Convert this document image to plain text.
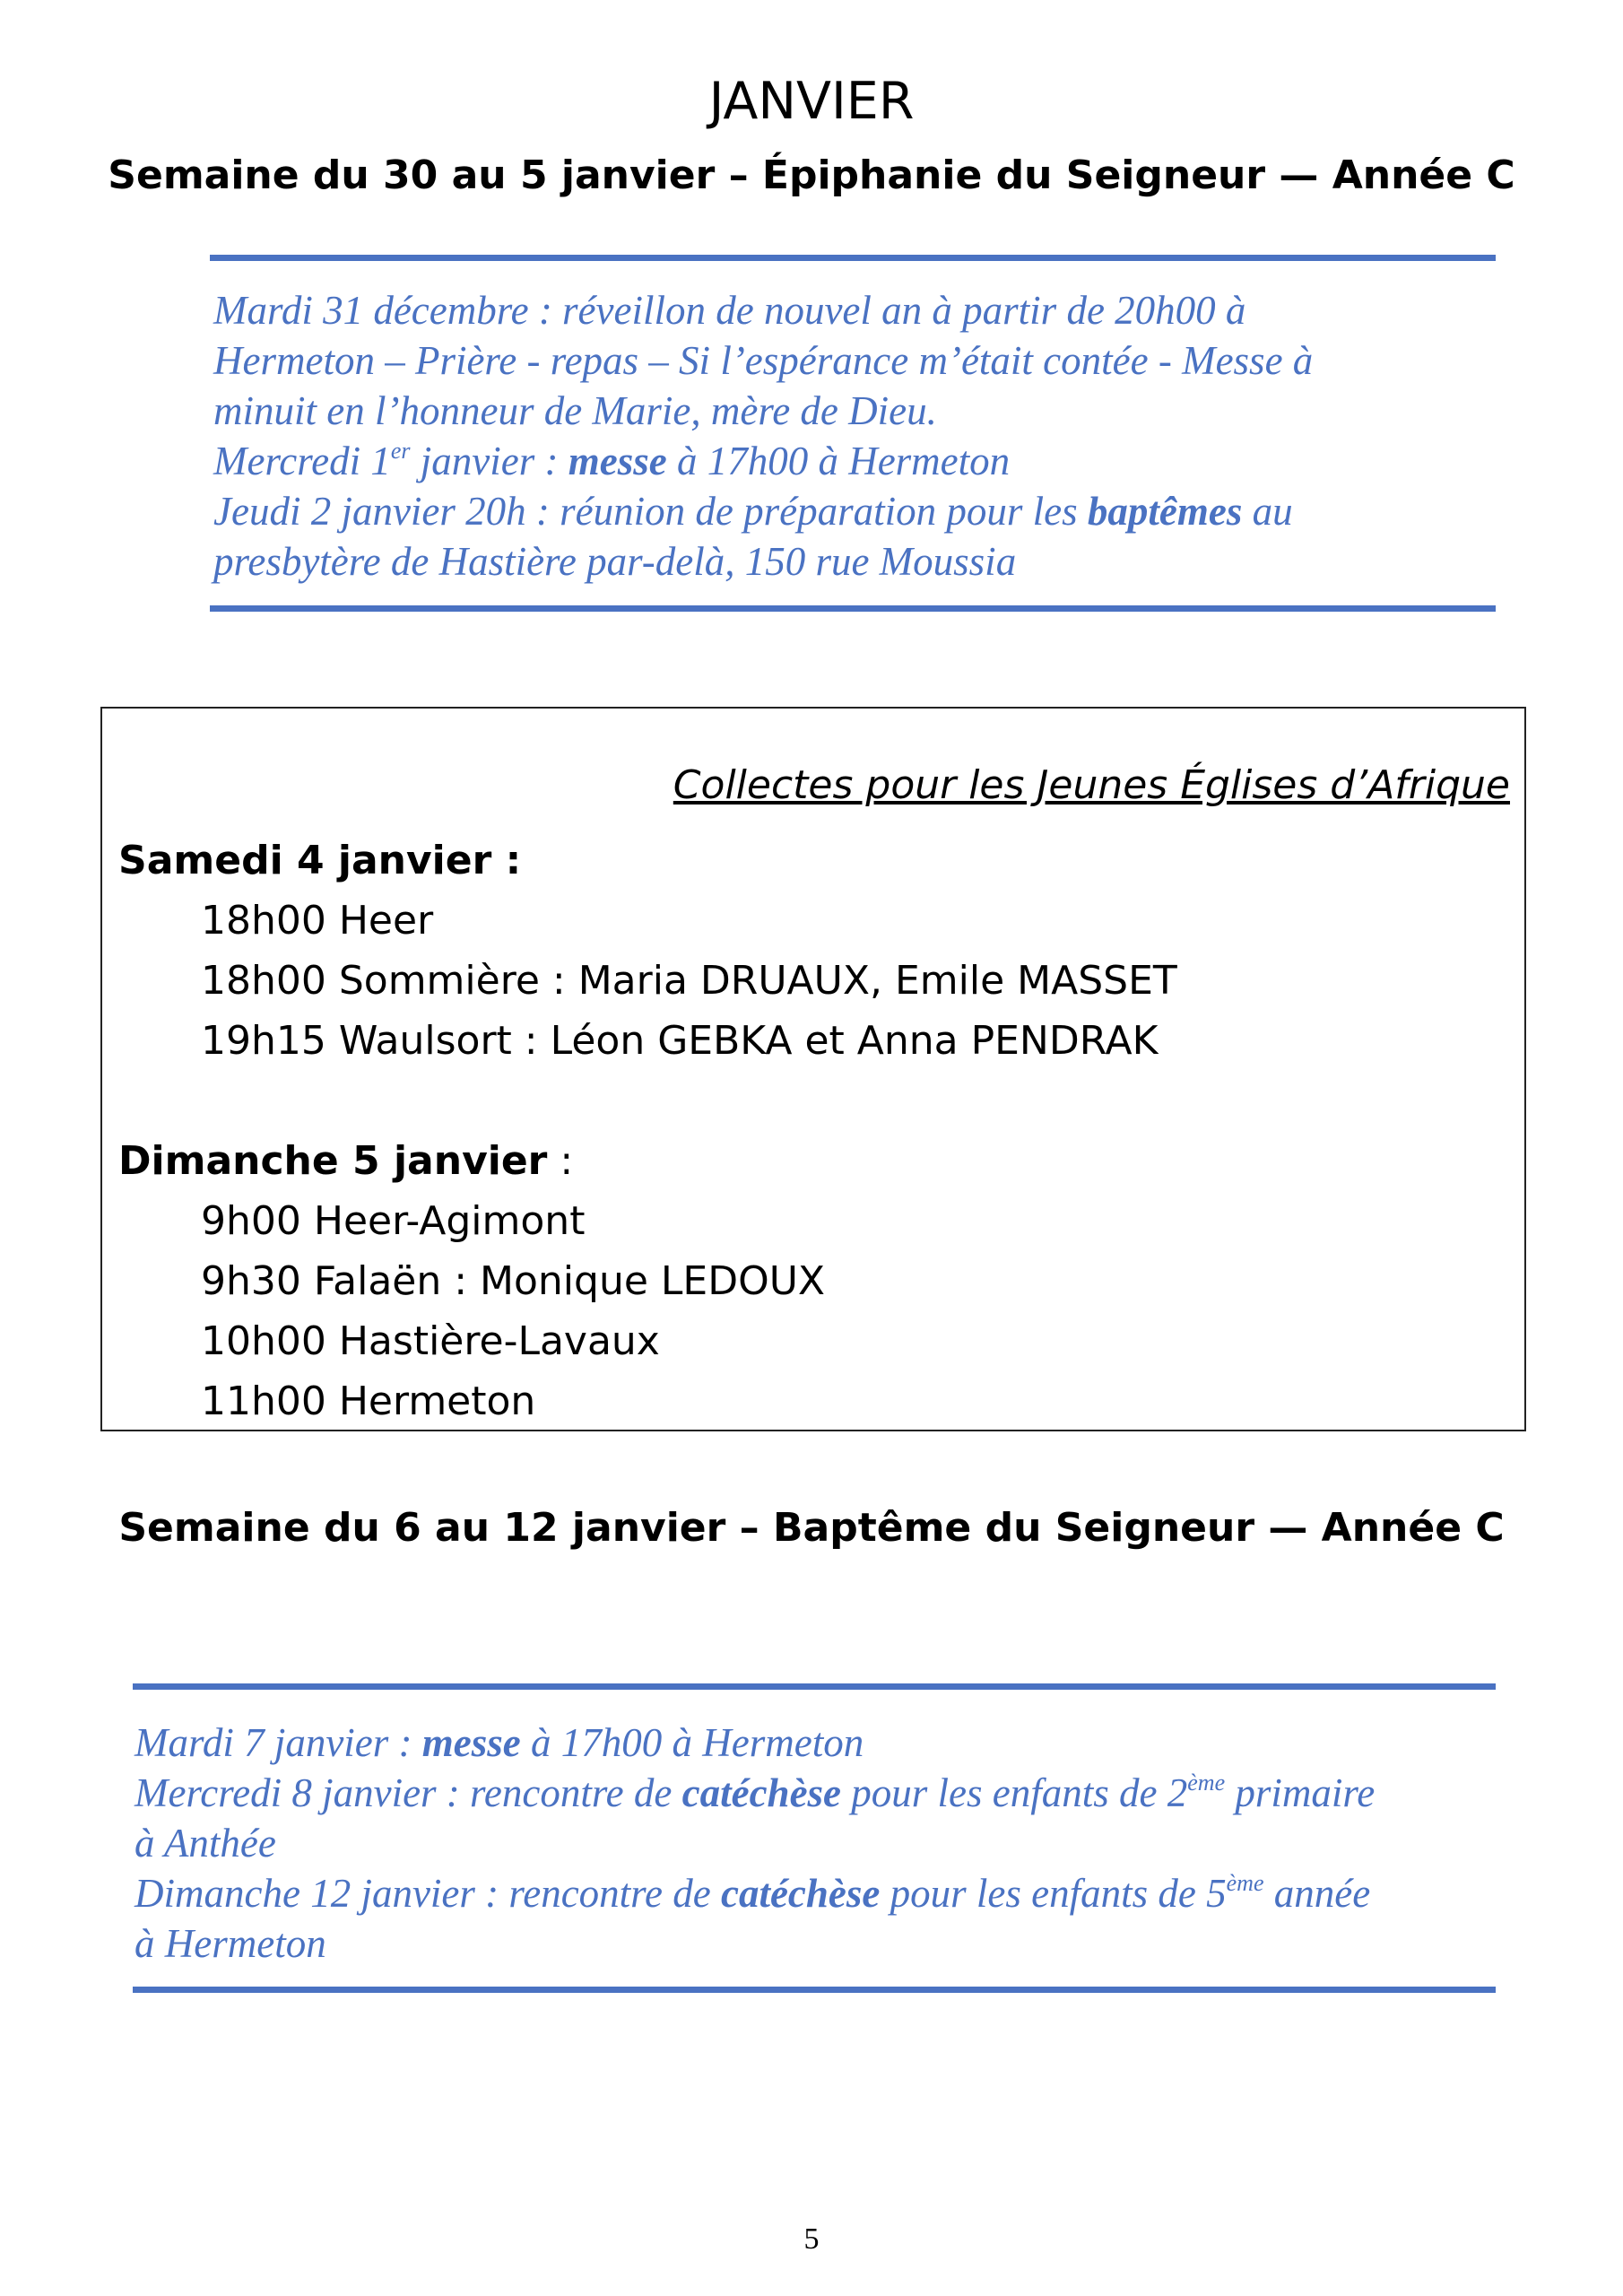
JANVIER
Semaine du 30 au 5 janvier – Épiphanie du Seigneur — Année C
Mardi 31 décembre : réveillon de nouvel an à partir de 20h00 à
Hermeton – Prière - repas – Si l’espérance m’était contée - Messe à
minuit en l’honneur de Marie, mère de Dieu.
Mercredi 1er janvier : messe à 17h00 à Hermeton
Jeudi 2 janvier 20h : réunion de préparation pour les baptêmes au
presbytère de Hastière par-delà, 150 rue Moussia
Collectes pour les Jeunes Églises d’Afrique
Samedi 4 janvier :
18h00 Heer
18h00 Sommière : Maria DRUAUX, Emile MASSET
19h15 Waulsort : Léon GEBKA et Anna PENDRAK
Dimanche 5 janvier :
9h00 Heer-Agimont
9h30 Falaën : Monique LEDOUX
10h00 Hastière-Lavaux
11h00 Hermeton
Semaine du 6 au 12 janvier – Baptême du Seigneur — Année C
Mardi 7 janvier : messe à 17h00 à Hermeton
Mercredi 8 janvier : rencontre de catéchèse pour les enfants de 2ème primaire
à Anthée
Dimanche 12 janvier : rencontre de catéchèse pour les enfants de 5ème année
à Hermeton
5
